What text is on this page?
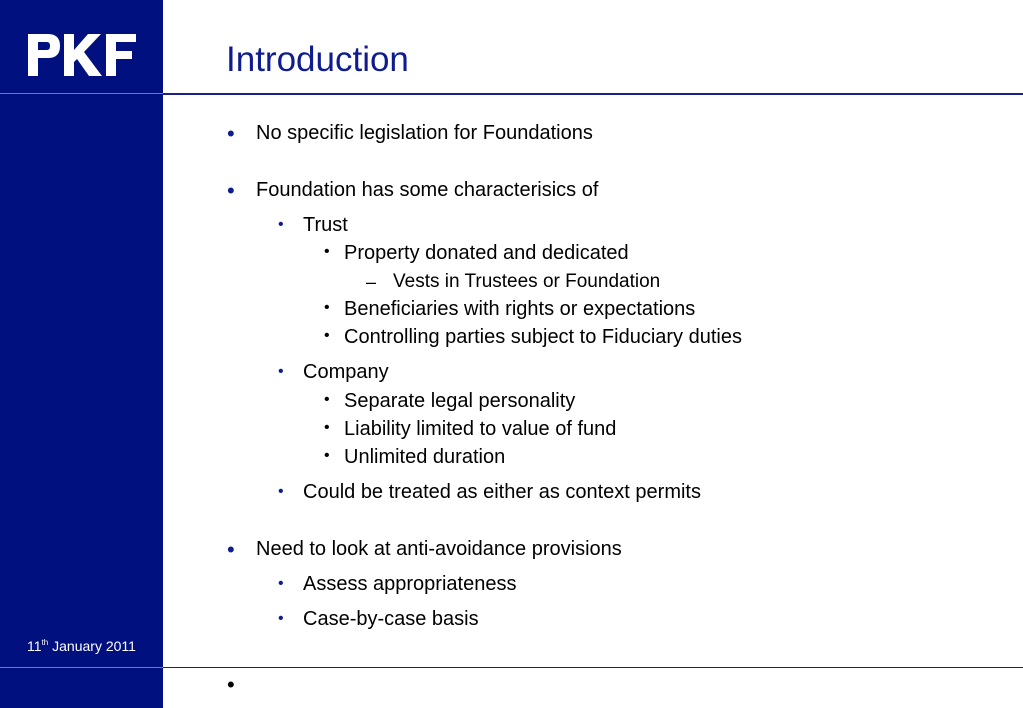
11th January 2011
Introduction
• No specific legislation for Foundations
• Foundation has some characterisics of
• Trust
• Property donated and dedicated
– Vests in Trustees or Foundation
• Beneficiaries with rights or expectations
• Controlling parties subject to Fiduciary duties
• Company
• Separate legal personality
• Liability limited to value of fund
• Unlimited duration
• Could be treated as either as context permits
• Need to look at anti-avoidance provisions
• Assess appropriateness
• Case-by-case basis
•
